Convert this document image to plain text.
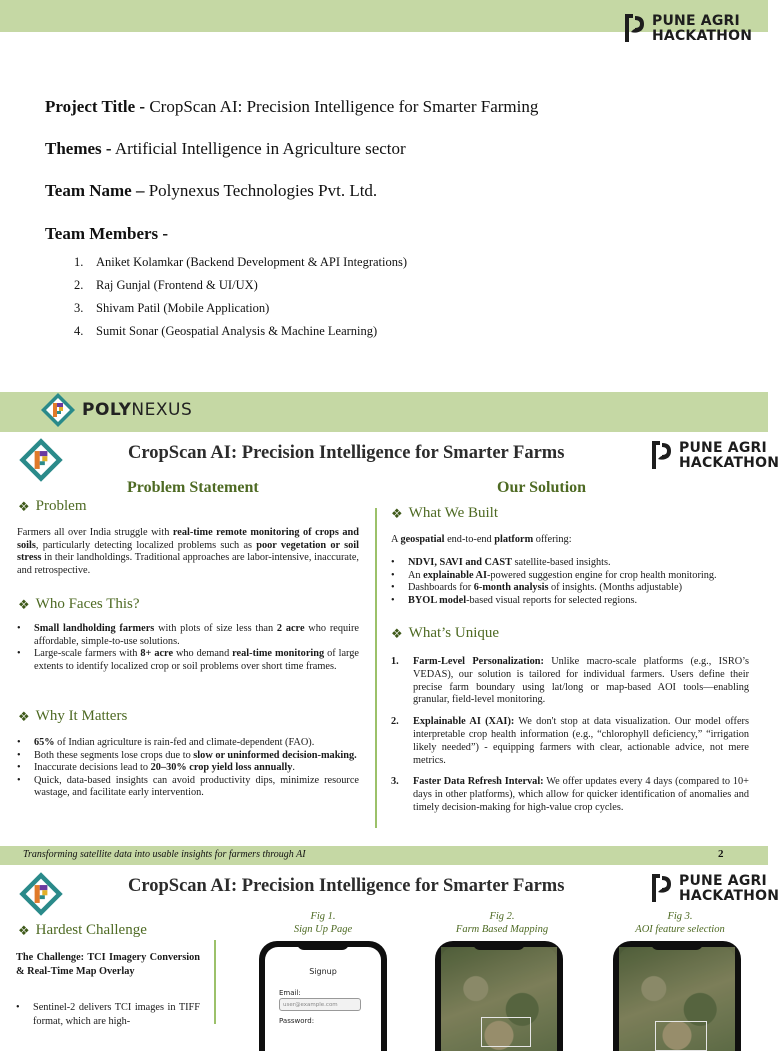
PUNE AGRI
HACKATHON
Project Title - CropScan AI: Precision Intelligence for Smarter Farming
Themes - Artificial Intelligence in Agriculture sector
Team Name – Polynexus Technologies Pvt. Ltd.
Team Members -
1.	Aniket Kolamkar (Backend Development & API Integrations)
2.	Raj Gunjal (Frontend & UI/UX)
3.	Shivam Patil (Mobile Application)
4.	Sumit Sonar (Geospatial Analysis & Machine Learning)
POLYNEXUS
CropScan AI: Precision Intelligence for Smarter Farms	PUNE AGRI
HACKATHON
Problem Statement	Our Solution
❖ Problem

Farmers all over India struggle with real-time remote monitoring of crops and soils, particularly detecting localized problems such as poor vegetation or soil stress in their landholdings. Traditional approaches are labor-intensive, inaccurate, and retrospective.

❖ Who Faces This?
• Small landholding farmers with plots of size less than 2 acre who require affordable, simple-to-use solutions.
• Large-scale farmers with 8+ acre who demand real-time monitoring of large extents to identify localized crop or soil problems over short time frames.
❖ Why It Matters
• 65% of Indian agriculture is rain-fed and climate-dependent (FAO).
• Both these segments lose crops due to slow or uninformed decision-making.
• Inaccurate decisions lead to 20–30% crop yield loss annually.
• Quick, data-based insights can avoid productivity dips, minimize resource wastage, and facilitate early intervention.
❖ What We Built

A geospatial end-to-end platform offering:

• NDVI, SAVI and CAST satellite-based insights.
• An explainable AI-powered suggestion engine for crop health monitoring.
• Dashboards for 6-month analysis of insights. (Months adjustable)
• BYOL model-based visual reports for selected regions.
❖ What’s Unique
1. Farm-Level Personalization: Unlike macro-scale platforms (e.g., ISRO’s VEDAS), our solution is tailored for individual farmers. Users define their precise farm boundary using lat/long or map-based AOI tools—enabling granular, field-level monitoring.
2. Explainable AI (XAI): We don't stop at data visualization. Our model offers interpretable crop health information (e.g., “chlorophyll deficiency,” “irrigation likely needed”) - equipping farmers with clear, actionable advice, not mere metrics.
3. Faster Data Refresh Interval: We offer updates every 4 days (compared to 10+ days in other platforms), which allow for quicker identification of anomalies and timely decision-making for high-value crop cycles.
Transforming satellite data into usable insights for farmers through AI	2
CropScan AI: Precision Intelligence for Smarter Farms	PUNE AGRI
HACKATHON
❖ Hardest Challenge

The Challenge: TCI Imagery Conversion & Real-Time Map Overlay

• Sentinel-2 delivers TCI images in TIFF format, which are high-
Fig 1.
Sign Up Page
Fig 2.
Farm Based Mapping
Fig 3.
AOI feature selection
Signup
Email:
user@example.com
Password:
